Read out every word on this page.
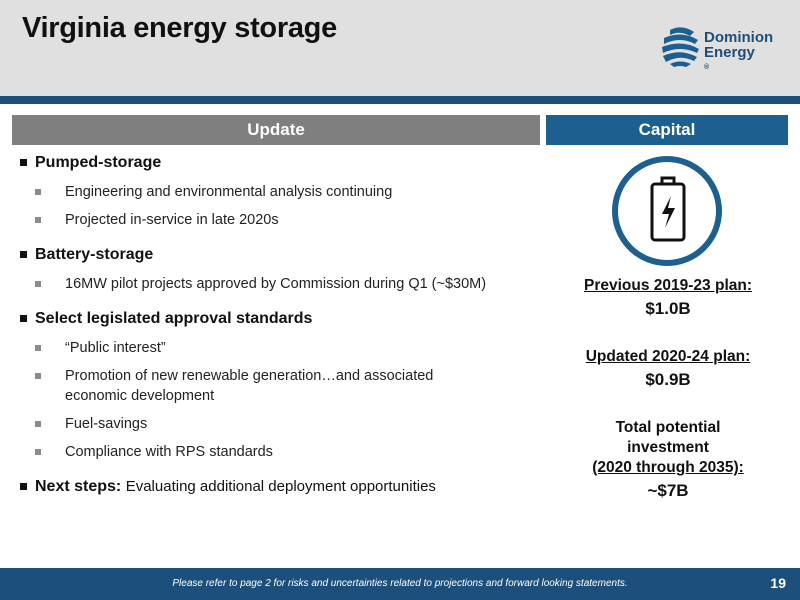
Virginia energy storage	Dominion
Energy
®
Update	Capital
Pumped-storage
Engineering and environmental analysis continuing
Projected in-service in late 2020s
Battery-storage
16MW pilot projects approved by Commission during Q1 (~$30M)
Select legislated approval standards
“Public interest”
Promotion of new renewable generation…and associated economic development
Fuel-savings
Compliance with RPS standards
Next steps: Evaluating additional deployment opportunities
Previous 2019-23 plan:
$1.0B
Updated 2020-24 plan:
$0.9B
Total potential
investment
(2020 through 2035):
~$7B
Please refer to page 2 for risks and uncertainties related to projections and forward looking statements.	19
